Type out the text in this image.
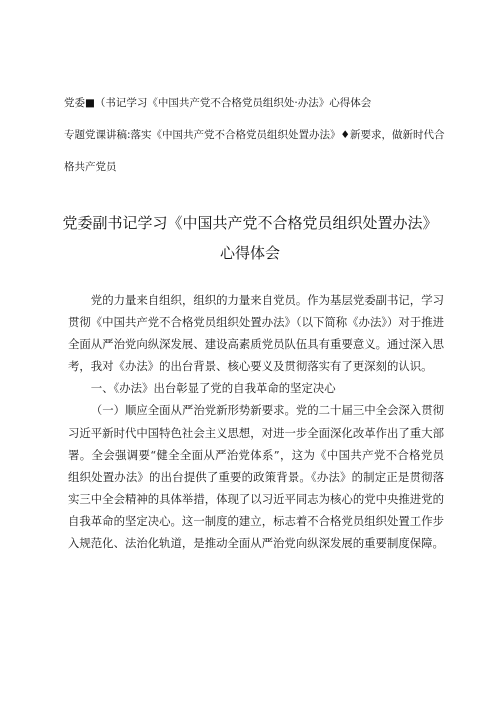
党委■（书记学习《中国共产党不合格党员组织处·办法》心得体会
专题党课讲稿:落实《中国共产党不合格党员组织处置办法》♦新要求，做新时代合
格共产党员
党委副书记学习《中国共产党不合格党员组织处置办法》
心得体会

党的力量来自组织，组织的力量来自党员。作为基层党委副书记，学习贯彻《中国共产党不合格党员组织处置办法》（以下简称《办法》）对于推进全面从严治党向纵深发展、建设高素质党员队伍具有重要意义。通过深入思考，我对《办法》的出台背景、核心要义及贯彻落实有了更深刻的认识。

一、《办法》出台彰显了党的自我革命的坚定决心

（一）顺应全面从严治党新形势新要求。党的二十届三中全会深入贯彻习近平新时代中国特色社会主义思想，对进一步全面深化改革作出了重大部署。全会强调要“健全全面从严治党体系”，这为《中国共产党不合格党员组织处置办法》的出台提供了重要的政策背景。《办法》的制定正是贯彻落实三中全会精神的具体举措，体现了以习近平同志为核心的党中央推进党的自我革命的坚定决心。这一制度的建立，标志着不合格党员组织处置工作步入规范化、法治化轨道，是推动全面从严治党向纵深发展的重要制度保障。
